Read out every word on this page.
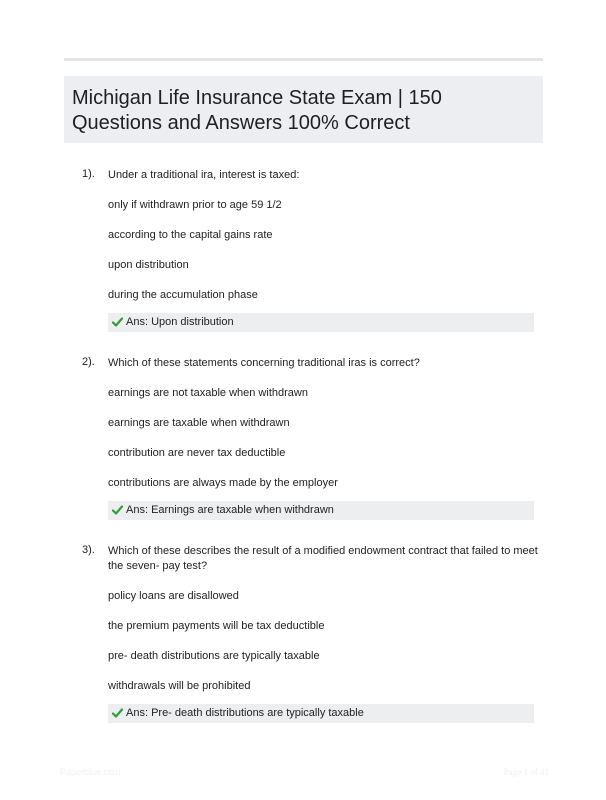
Michigan Life Insurance State Exam | 150 Questions and Answers 100% Correct
1). Under a traditional ira, interest is taxed:
only if withdrawn prior to age 59 1/2
according to the capital gains rate
upon distribution
during the accumulation phase
Ans: Upon distribution
2). Which of these statements concerning traditional iras is correct?
earnings are not taxable when withdrawn
earnings are taxable when withdrawn
contribution are never tax deductible
contributions are always made by the employer
Ans: Earnings are taxable when withdrawn
3). Which of these describes the result of a modified endowment contract that failed to meet the seven- pay test?
policy loans are disallowed
the premium payments will be tax deductible
pre- death distributions are typically taxable
withdrawals will be prohibited
Ans: Pre- death distributions are typically taxable
Paperblue.com	Page 1 of 41
